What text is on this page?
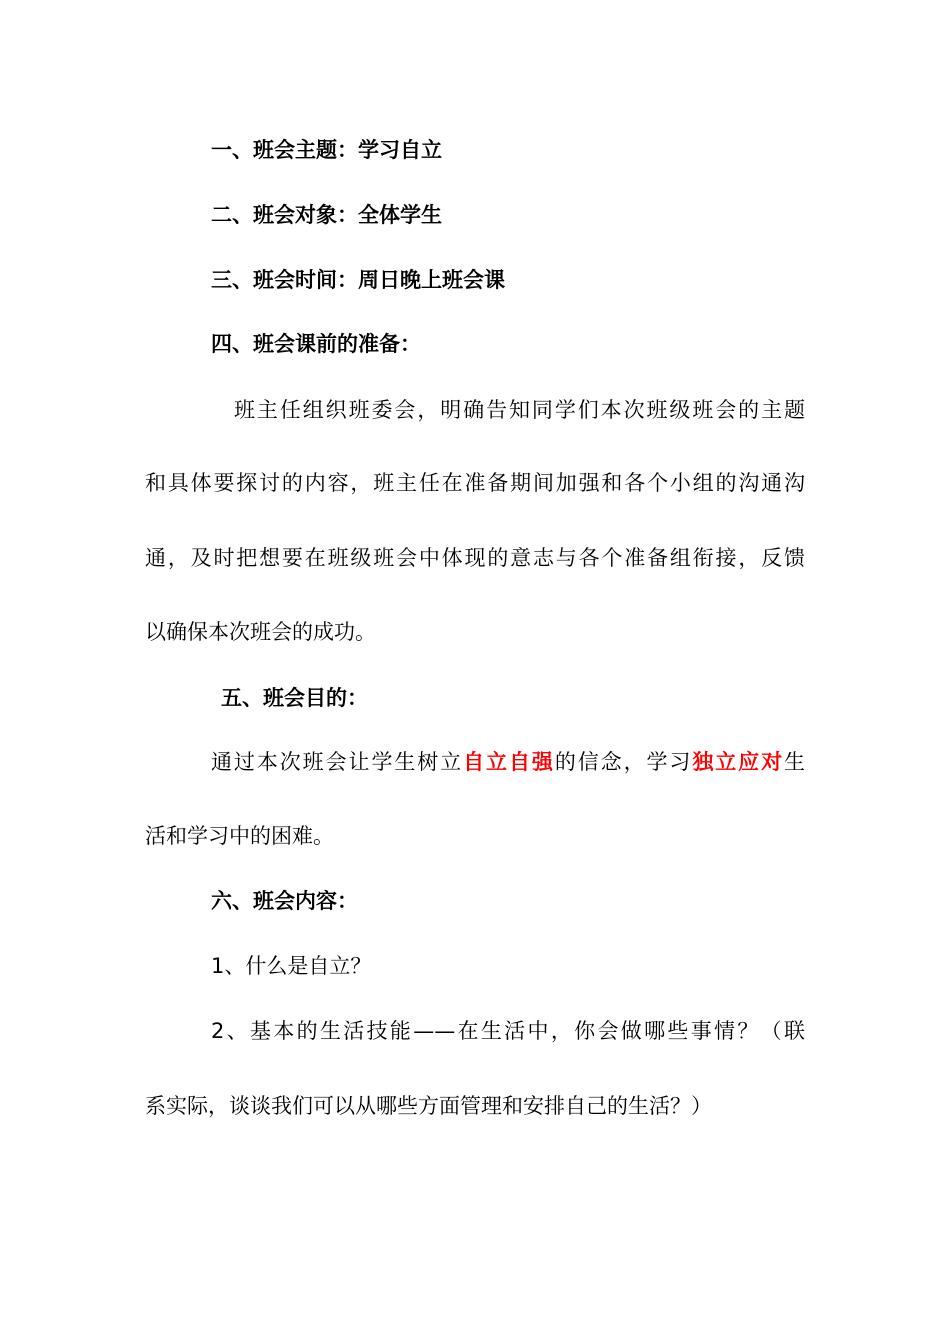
一、班会主题：学习自立
二、班会对象：全体学生
三、班会时间：周日晚上班会课
四、班会课前的准备：
班主任组织班委会，明确告知同学们本次班级班会的主题
和具体要探讨的内容，班主任在准备期间加强和各个小组的沟通沟
通，及时把想要在班级班会中体现的意志与各个准备组衔接，反馈
以确保本次班会的成功。
五、班会目的：
通过本次班会让学生树立自立自强的信念，学习独立应对生
活和学习中的困难。
六、班会内容：
1、什么是自立？
2、基本的生活技能——在生活中，你会做哪些事情？（联
系实际，谈谈我们可以从哪些方面管理和安排自己的生活？）
